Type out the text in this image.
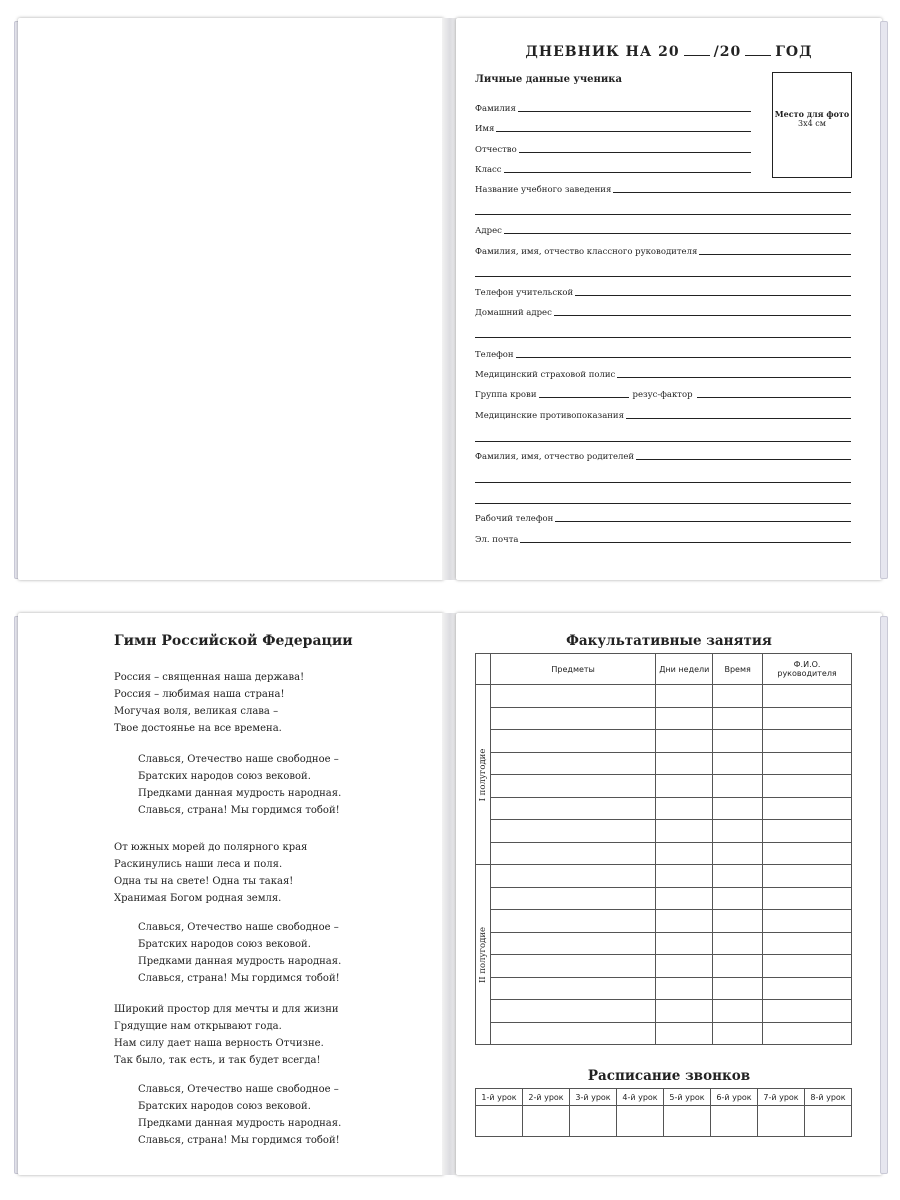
ДНЕВНИК НА 20 /20 ГОД
Личные данные ученика
Место для фото
3x4 см
Фамилия
Имя
Отчество
Класс
Название учебного заведения
Адрес
Фамилия, имя, отчество классного руководителя
Телефон учительской
Домашний адрес
Телефон
Медицинский страховой полис
Группа крови	резус-фактор
Медицинские противопоказания
Фамилия, имя, отчество родителей
Рабочий телефон
Эл. почта
Гимн Российской Федерации
Россия – священная наша держава!
Россия – любимая наша страна!
Могучая воля, великая слава –
Твое достоянье на все времена.
Славься, Отечество наше свободное –
Братских народов союз вековой.
Предками данная мудрость народная.
Славься, страна! Мы гордимся тобой!
От южных морей до полярного края
Раскинулись наши леса и поля.
Одна ты на свете! Одна ты такая!
Хранимая Богом родная земля.
Славься, Отечество наше свободное –
Братских народов союз вековой.
Предками данная мудрость народная.
Славься, страна! Мы гордимся тобой!
Широкий простор для мечты и для жизни
Грядущие нам открывают года.
Нам силу дает наша верность Отчизне.
Так было, так есть, и так будет всегда!
Славься, Отечество наше свободное –
Братских народов союз вековой.
Предками данная мудрость народная.
Славься, страна! Мы гордимся тобой!
Факультативные занятия
	Предметы	Дни недели	Время	Ф.И.О. руководителя

I полугодие				

II полугодие				

Расписание звонков
1-й урок	2-й урок	3-й урок	4-й урок	5-й урок	6-й урок	7-й урок	8-й урок
